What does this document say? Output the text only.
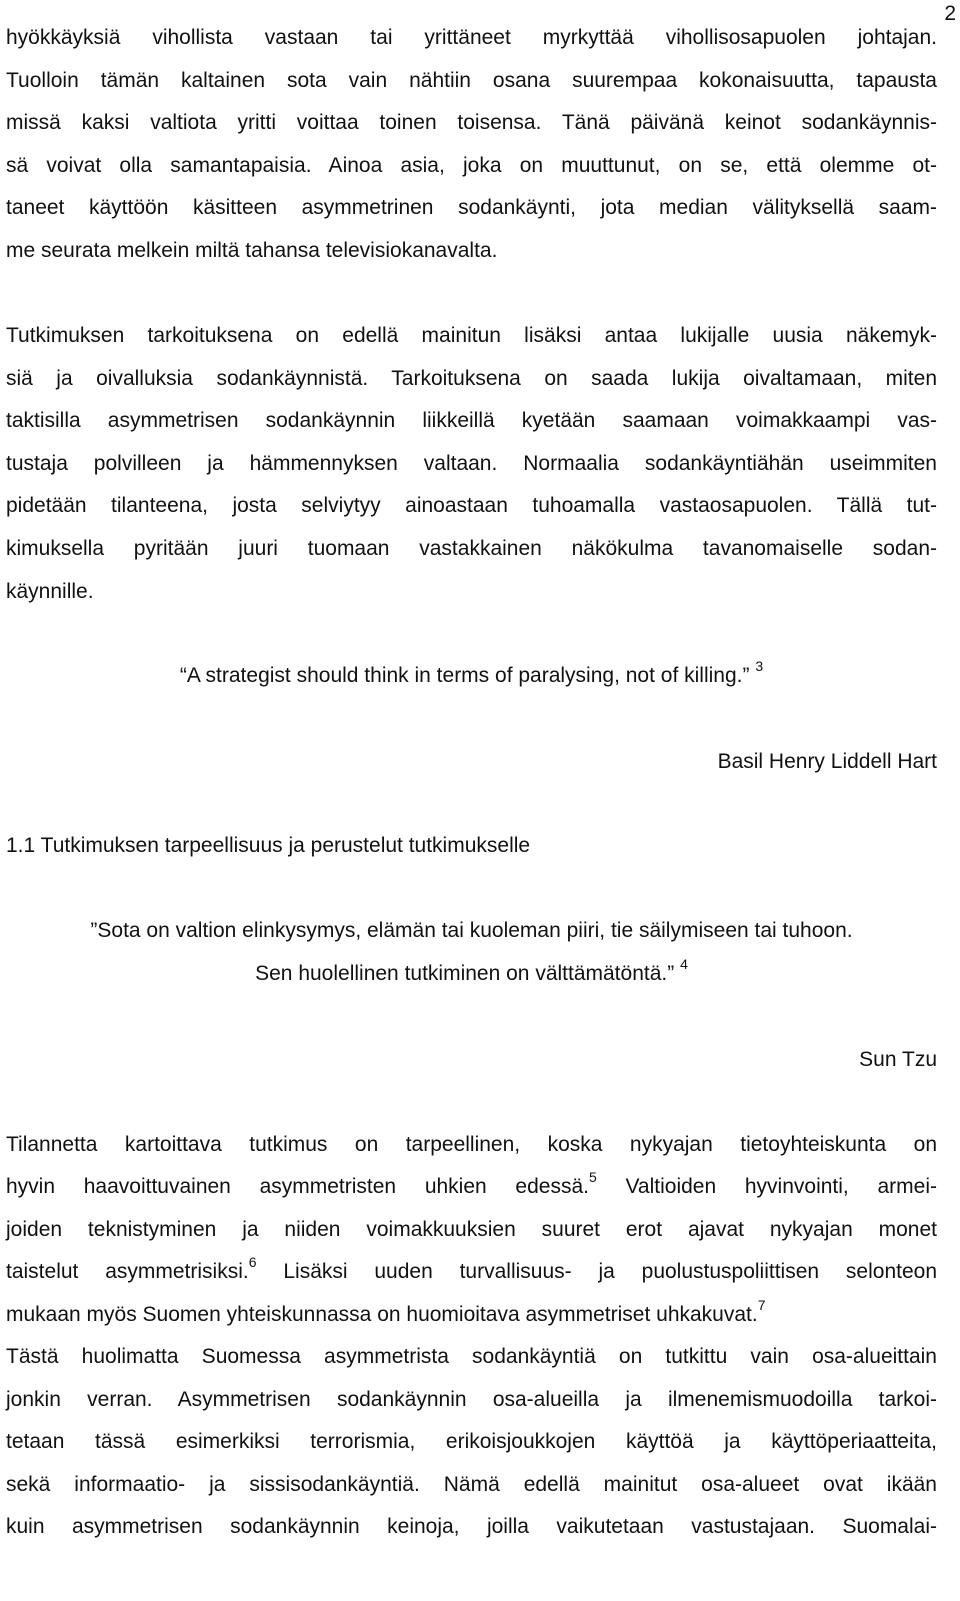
2
hyökkäyksiä vihollista vastaan tai yrittäneet myrkyttää vihollisosapuolen johtajan.
Tuolloin tämän kaltainen sota vain nähtiin osana suurempaa kokonaisuutta, tapausta
missä kaksi valtiota yritti voittaa toinen toisensa. Tänä päivänä keinot sodankäynnis-
sä voivat olla samantapaisia. Ainoa asia, joka on muuttunut, on se, että olemme ot-
taneet käyttöön käsitteen asymmetrinen sodankäynti, jota median välityksellä saam-
me seurata melkein miltä tahansa televisiokanavalta.
Tutkimuksen tarkoituksena on edellä mainitun lisäksi antaa lukijalle uusia näkemyk-
siä ja oivalluksia sodankäynnistä. Tarkoituksena on saada lukija oivaltamaan, miten
taktisilla asymmetrisen sodankäynnin liikkeillä kyetään saamaan voimakkaampi vas-
tustaja polvilleen ja hämmennyksen valtaan. Normaalia sodankäyntiähän useimmiten
pidetään tilanteena, josta selviytyy ainoastaan tuhoamalla vastaosapuolen. Tällä tut-
kimuksella pyritään juuri tuomaan vastakkainen näkökulma tavanomaiselle sodan-
käynnille.
“A strategist should think in terms of paralysing, not of killing.” $^3$
Basil Henry Liddell Hart
1.1 Tutkimuksen tarpeellisuus ja perustelut tutkimukselle
”Sota on valtion elinkysymys, elämän tai kuoleman piiri, tie säilymiseen tai tuhoon.
Sen huolellinen tutkiminen on välttämätöntä.” $^4$
Sun Tzu
Tilannetta kartoittava tutkimus on tarpeellinen, koska nykyajan tietoyhteiskunta on
hyvin haavoittuvainen asymmetristen uhkien edessä.$^5$ Valtioiden hyvinvointi, armei-
joiden teknistyminen ja niiden voimakkuuksien suuret erot ajavat nykyajan monet
taistelut asymmetrisiksi.$^6$ Lisäksi uuden turvallisuus- ja puolustuspoliittisen selonteon
mukaan myös Suomen yhteiskunnassa on huomioitava asymmetriset uhkakuvat.$^7$
Tästä huolimatta Suomessa asymmetrista sodankäyntiä on tutkittu vain osa-alueittain
jonkin verran. Asymmetrisen sodankäynnin osa-alueilla ja ilmenemismuodoilla tarkoi-
tetaan tässä esimerkiksi terrorismia, erikoisjoukkojen käyttöä ja käyttöperiaatteita,
sekä informaatio- ja sissisodankäyntiä. Nämä edellä mainitut osa-alueet ovat ikään
kuin asymmetrisen sodankäynnin keinoja, joilla vaikutetaan vastustajaan. Suomalai-
